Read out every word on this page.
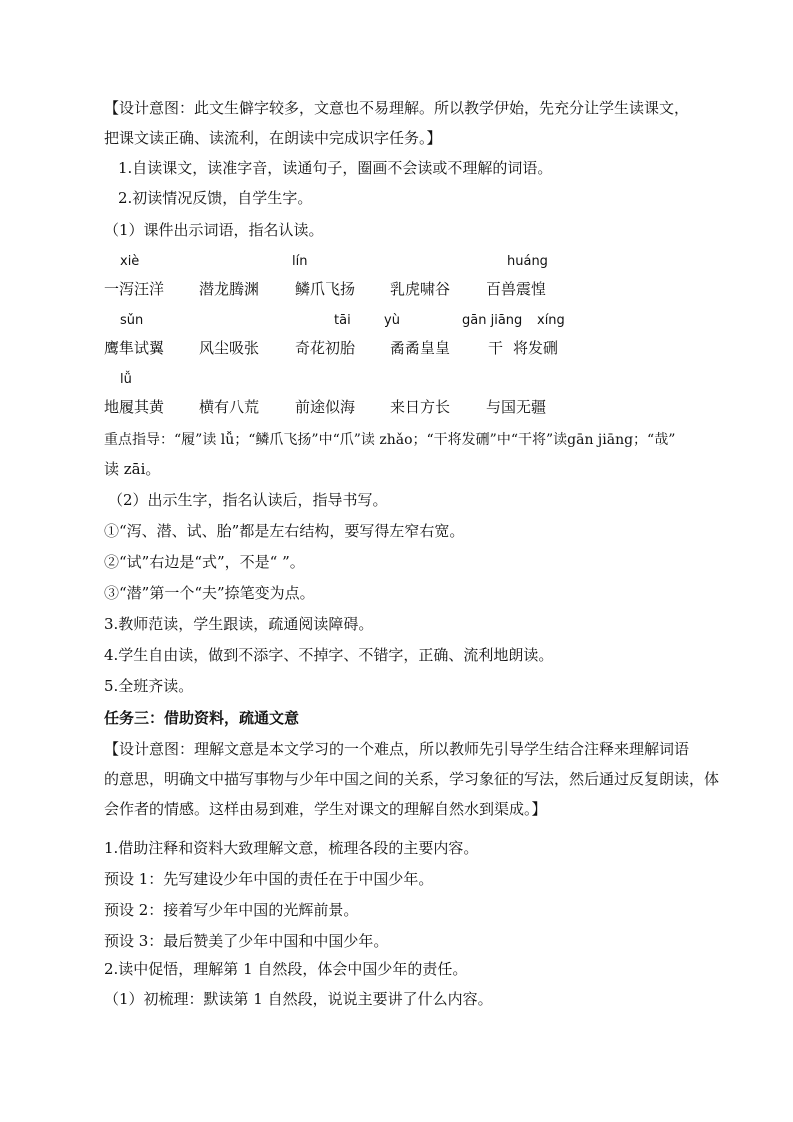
【设计意图：此文生僻字较多，文意也不易理解。所以教学伊始，先充分让学生读课文，
把课文读正确、读流利，在朗读中完成识字任务。】
1.自读课文，读准字音，读通句子，圈画不会读或不理解的词语。
2.初读情况反馈，自学生字。
（1）课件出示词语，指名认读。
xiè	lín	huáng
一泻汪洋 潜龙腾渊 鳞爪飞扬 乳虎啸谷 百兽震惶
sǔn	tāi	yù	gān jiāng xíng
鹰隼试翼 风尘吸张 奇花初胎 矞矞皇皇	干 将发硎
lǚ
地履其黄 横有八荒 前途似海 来日方长 与国无疆
重点指导：“履”读 lǚ；“鳞爪飞扬”中“爪”读 zhǎo；“干将发硎”中“干将”读gān jiāng；“哉”
读 zāi。
（2）出示生字，指名认读后，指导书写。
①“泻、潜、试、胎”都是左右结构，要写得左窄右宽。
②“试”右边是“式”，不是“ ”。
③“潜”第一个“夫”捺笔变为点。
3.教师范读，学生跟读，疏通阅读障碍。
4.学生自由读，做到不添字、不掉字、不错字，正确、流利地朗读。
5.全班齐读。
任务三：借助资料，疏通文意
【设计意图：理解文意是本文学习的一个难点，所以教师先引导学生结合注释来理解词语
的意思，明确文中描写事物与少年中国之间的关系，学习象征的写法，然后通过反复朗读，体
会作者的情感。这样由易到难，学生对课文的理解自然水到渠成。】
1.借助注释和资料大致理解文意，梳理各段的主要内容。
预设 1：先写建设少年中国的责任在于中国少年。
预设 2：接着写少年中国的光辉前景。
预设 3：最后赞美了少年中国和中国少年。
2.读中促悟，理解第 1 自然段，体会中国少年的责任。
（1）初梳理：默读第 1 自然段，说说主要讲了什么内容。
